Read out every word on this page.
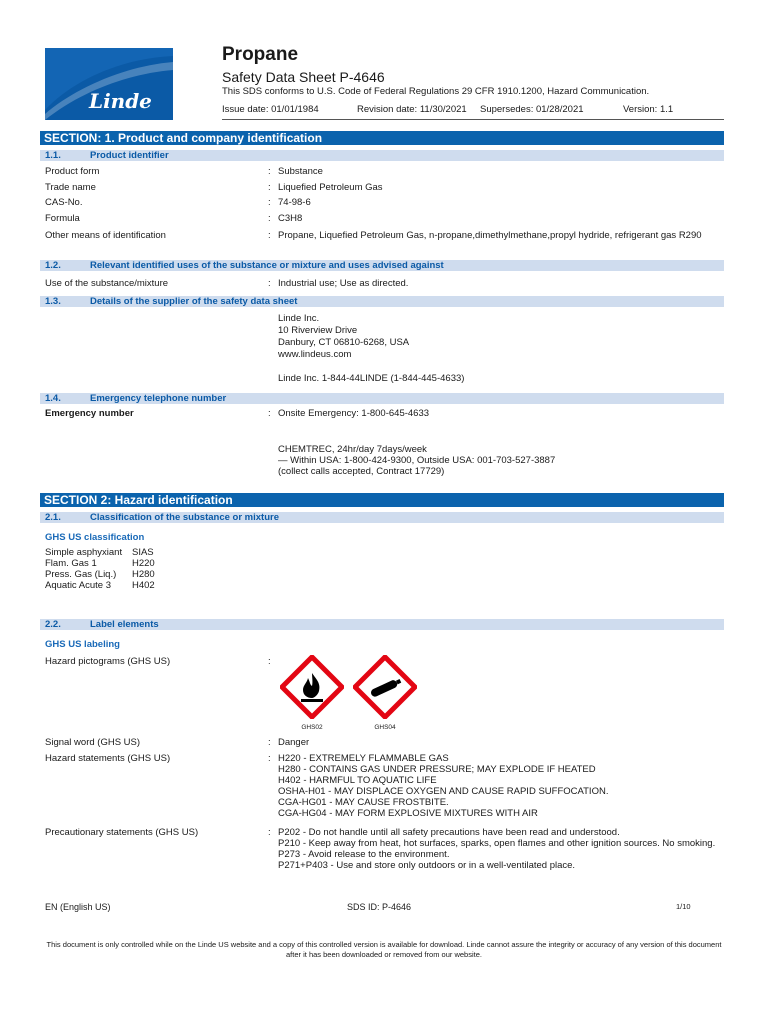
Linde
Propane
Safety Data Sheet P-4646
This SDS conforms to U.S. Code of Federal Regulations 29 CFR 1910.1200, Hazard Communication.
Issue date: 01/01/1984	Revision date: 11/30/2021 Supersedes: 01/28/2021	Version: 1.1
SECTION: 1. Product and company identification
1.1.	Product identifier
Product form	: Substance
Trade name	: Liquefied Petroleum Gas
CAS-No.	: 74-98-6
Formula	: C3H8
Other means of identification	: Propane, Liquefied Petroleum Gas, n-propane,dimethylmethane,propyl hydride, refrigerant gas R290
1.2.	Relevant identified uses of the substance or mixture and uses advised against
Use of the substance/mixture	: Industrial use; Use as directed.
1.3.	Details of the supplier of the safety data sheet
Linde Inc.
10 Riverview Drive
Danbury, CT 06810-6268, USA
www.lindeus.com
Linde Inc. 1-844-44LINDE (1-844-445-4633)
1.4.	Emergency telephone number
Emergency number	: Onsite Emergency: 1-800-645-4633
CHEMTREC, 24hr/day 7days/week
— Within USA: 1-800-424-9300, Outside USA: 001-703-527-3887
(collect calls accepted, Contract 17729)
SECTION 2: Hazard identification
2.1.	Classification of the substance or mixture
GHS US classification
Simple asphyxiant SIAS
Flam. Gas 1	H220
Press. Gas (Liq.) H280
Aquatic Acute 3 H402
2.2.	Label elements
GHS US labeling
Hazard pictograms (GHS US)	:
GHS02	GHS04
Signal word (GHS US)	: Danger
Hazard statements (GHS US)	: H220 - EXTREMELY FLAMMABLE GAS
H280 - CONTAINS GAS UNDER PRESSURE; MAY EXPLODE IF HEATED
H402 - HARMFUL TO AQUATIC LIFE
OSHA-H01 - MAY DISPLACE OXYGEN AND CAUSE RAPID SUFFOCATION.
CGA-HG01 - MAY CAUSE FROSTBITE.
CGA-HG04 - MAY FORM EXPLOSIVE MIXTURES WITH AIR
Precautionary statements (GHS US)	: P202 - Do not handle until all safety precautions have been read and understood.
P210 - Keep away from heat, hot surfaces, sparks, open flames and other ignition sources. No smoking.
P273 - Avoid release to the environment.
P271+P403 - Use and store only outdoors or in a well-ventilated place.
EN (English US)	SDS ID: P-4646	1/10
This document is only controlled while on the Linde US website and a copy of this controlled version is available for download. Linde cannot assure the integrity or accuracy of any version of this document after it has been downloaded or removed from our website.
